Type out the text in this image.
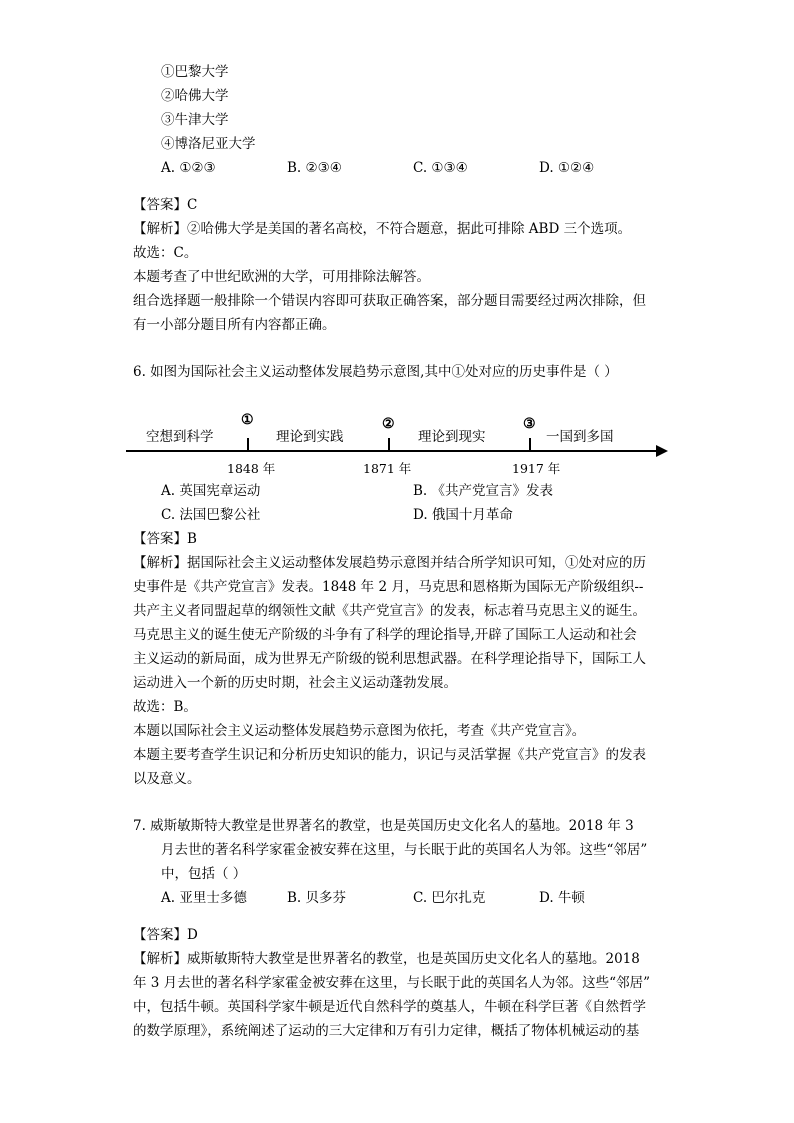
①巴黎大学
②哈佛大学
③牛津大学
④博洛尼亚大学
A. ①②③	B. ②③④	C. ①③④	D. ①②④
【答案】C
【解析】②哈佛大学是美国的著名高校，不符合题意，据此可排除 ABD 三个选项。
故选：C。
本题考查了中世纪欧洲的大学，可用排除法解答。
组合选择题一般排除一个错误内容即可获取正确答案，部分题目需要经过两次排除，但
有一小部分题目所有内容都正确。
6. 如图为国际社会主义运动整体发展趋势示意图,其中①处对应的历史事件是（ ）
空想到科学	理论到实践	理论到现实	一国到多国
①	②	③
1848 年	1871 年	1917 年
A. 英国宪章运动	B. 《共产党宣言》发表
C. 法国巴黎公社	D. 俄国十月革命
【答案】B
【解析】据国际社会主义运动整体发展趋势示意图并结合所学知识可知，①处对应的历
史事件是《共产党宣言》发表。1848 年 2 月，马克思和恩格斯为国际无产阶级组织--
共产主义者同盟起草的纲领性文献《共产党宣言》的发表，标志着马克思主义的诞生。
马克思主义的诞生使无产阶级的斗争有了科学的理论指导,开辟了国际工人运动和社会
主义运动的新局面，成为世界无产阶级的锐利思想武器。在科学理论指导下，国际工人
运动进入一个新的历史时期，社会主义运动蓬勃发展。
故选：B。
本题以国际社会主义运动整体发展趋势示意图为依托，考查《共产党宣言》。
本题主要考查学生识记和分析历史知识的能力，识记与灵活掌握《共产党宣言》的发表
以及意义。
7. 威斯敏斯特大教堂是世界著名的教堂，也是英国历史文化名人的墓地。2018 年 3
月去世的著名科学家霍金被安葬在这里，与长眠于此的英国名人为邻。这些“邻居”
中，包括（ ）
A. 亚里士多德	B. 贝多芬	C. 巴尔扎克	D. 牛顿
【答案】D
【解析】威斯敏斯特大教堂是世界著名的教堂，也是英国历史文化名人的墓地。2018
年 3 月去世的著名科学家霍金被安葬在这里，与长眠于此的英国名人为邻。这些“邻居”
中，包括牛顿。英国科学家牛顿是近代自然科学的奠基人，牛顿在科学巨著《自然哲学
的数学原理》，系统阐述了运动的三大定律和万有引力定律，概括了物体机械运动的基
